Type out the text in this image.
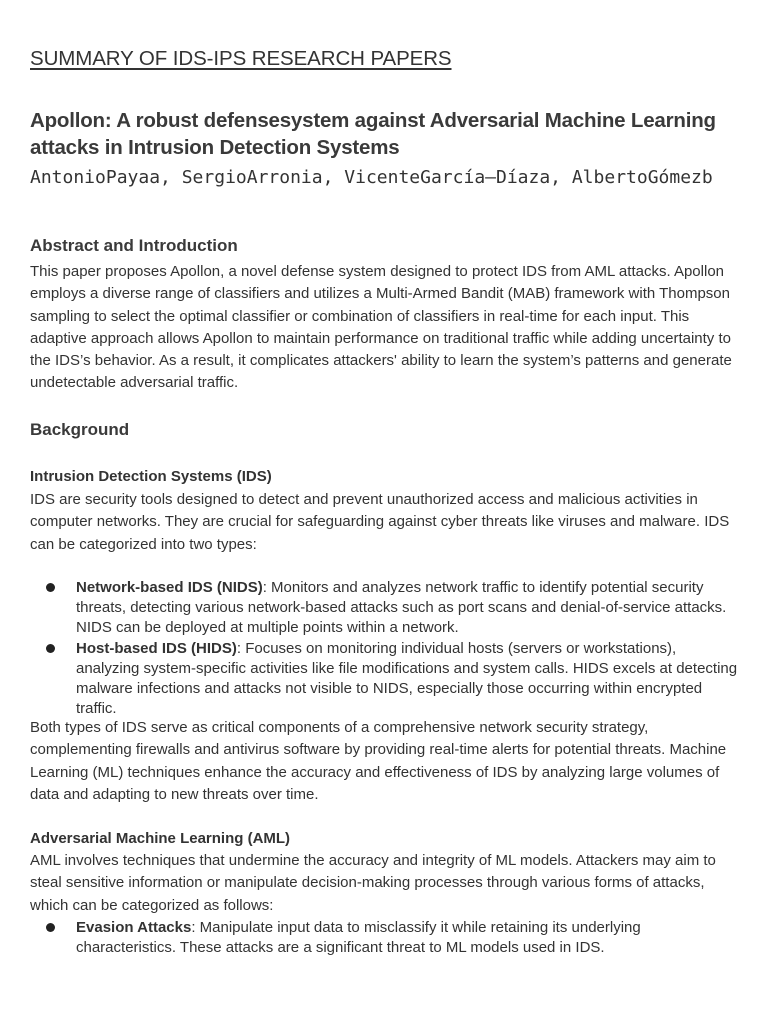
SUMMARY OF IDS-IPS RESEARCH PAPERS
Apollon: A robust defensesystem against Adversarial Machine Learning attacks in Intrusion Detection Systems
AntonioPayaa, SergioArronia, VicenteGarcía–Díaza, AlbertoGómezb
Abstract and Introduction

This paper proposes Apollon, a novel defense system designed to protect IDS from AML attacks. Apollon employs a diverse range of classifiers and utilizes a Multi-Armed Bandit (MAB) framework with Thompson sampling to select the optimal classifier or combination of classifiers in real-time for each input. This adaptive approach allows Apollon to maintain performance on traditional traffic while adding uncertainty to the IDS’s behavior. As a result, it complicates attackers' ability to learn the system’s patterns and generate undetectable adversarial traffic.

Background
Intrusion Detection Systems (IDS)

IDS are security tools designed to detect and prevent unauthorized access and malicious activities in computer networks. They are crucial for safeguarding against cyber threats like viruses and malware. IDS can be categorized into two types:

Network-based IDS (NIDS): Monitors and analyzes network traffic to identify potential security threats, detecting various network-based attacks such as port scans and denial-of-service attacks. NIDS can be deployed at multiple points within a network.
Host-based IDS (HIDS): Focuses on monitoring individual hosts (servers or workstations), analyzing system-specific activities like file modifications and system calls. HIDS excels at detecting malware infections and attacks not visible to NIDS, especially those occurring within encrypted traffic.

Both types of IDS serve as critical components of a comprehensive network security strategy, complementing firewalls and antivirus software by providing real-time alerts for potential threats. Machine Learning (ML) techniques enhance the accuracy and effectiveness of IDS by analyzing large volumes of data and adapting to new threats over time.

Adversarial Machine Learning (AML)

AML involves techniques that undermine the accuracy and integrity of ML models. Attackers may aim to steal sensitive information or manipulate decision-making processes through various forms of attacks, which can be categorized as follows:

Evasion Attacks: Manipulate input data to misclassify it while retaining its underlying characteristics. These attacks are a significant threat to ML models used in IDS.
